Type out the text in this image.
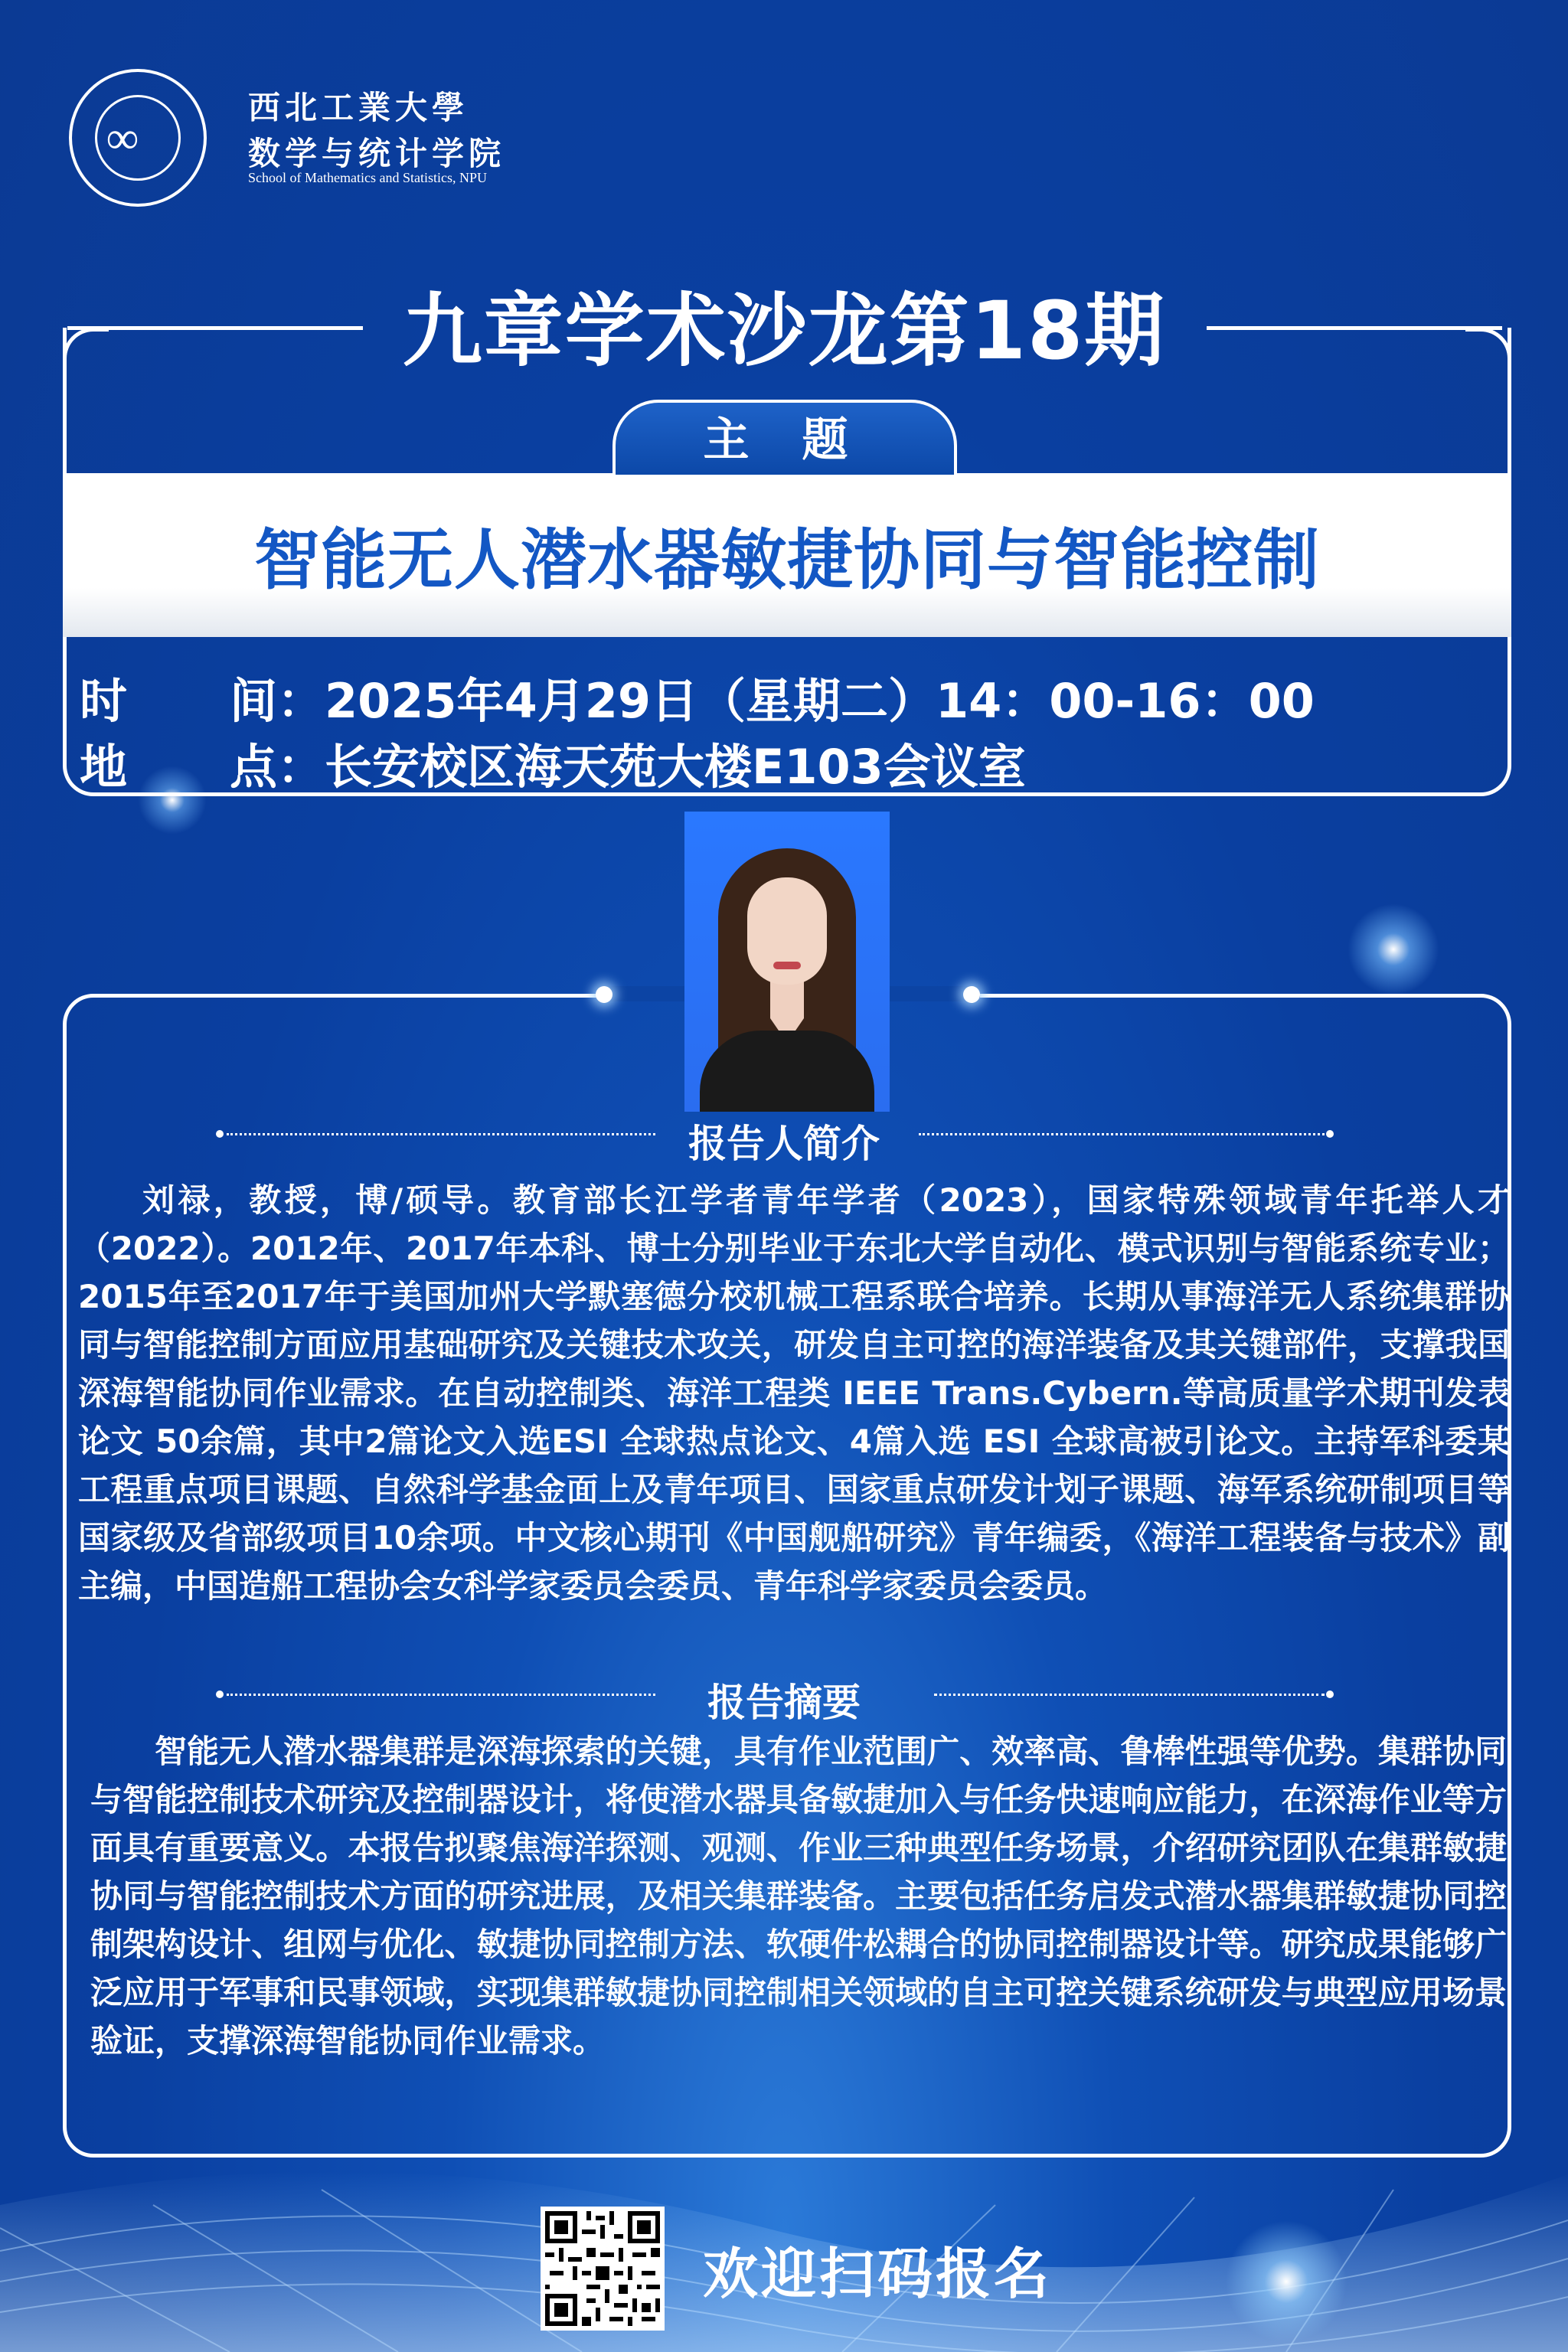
∞
西北工業大學
数学与统计学院
School of Mathematics and Statistics, NPU
九章学术沙龙第18期
主 题
智能无人潜水器敏捷协同与智能控制
时 间：2025年4月29日（星期二）14：00-16：00
地 点：长安校区海天苑大楼E103会议室
报告人简介

刘禄，教授，博/硕导。教育部长江学者青年学者（2023），国家特殊领域青年托举人才（2022）。2012年、2017年本科、博士分别毕业于东北大学自动化、模式识别与智能系统专业；2015年至2017年于美国加州大学默塞德分校机械工程系联合培养。长期从事海洋无人系统集群协同与智能控制方面应用基础研究及关键技术攻关，研发自主可控的海洋装备及其关键部件，支撑我国深海智能协同作业需求。在自动控制类、海洋工程类 IEEE Trans.Cybern.等高质量学术期刊发表论文 50余篇，其中2篇论文入选ESI 全球热点论文、4篇入选 ESI 全球高被引论文。主持军科委某工程重点项目课题、自然科学基金面上及青年项目、国家重点研发计划子课题、海军系统研制项目等国家级及省部级项目10余项。中文核心期刊《中国舰船研究》青年编委，《海洋工程装备与技术》副主编，中国造船工程协会女科学家委员会委员、青年科学家委员会委员。

报告摘要

智能无人潜水器集群是深海探索的关键，具有作业范围广、效率高、鲁棒性强等优势。集群协同与智能控制技术研究及控制器设计，将使潜水器具备敏捷加入与任务快速响应能力，在深海作业等方面具有重要意义。本报告拟聚焦海洋探测、观测、作业三种典型任务场景，介绍研究团队在集群敏捷协同与智能控制技术方面的研究进展，及相关集群装备。主要包括任务启发式潜水器集群敏捷协同控制架构设计、组网与优化、敏捷协同控制方法、软硬件松耦合的协同控制器设计等。研究成果能够广泛应用于军事和民事领域，实现集群敏捷协同控制相关领域的自主可控关键系统研发与典型应用场景验证，支撑深海智能协同作业需求。

欢迎扫码报名
